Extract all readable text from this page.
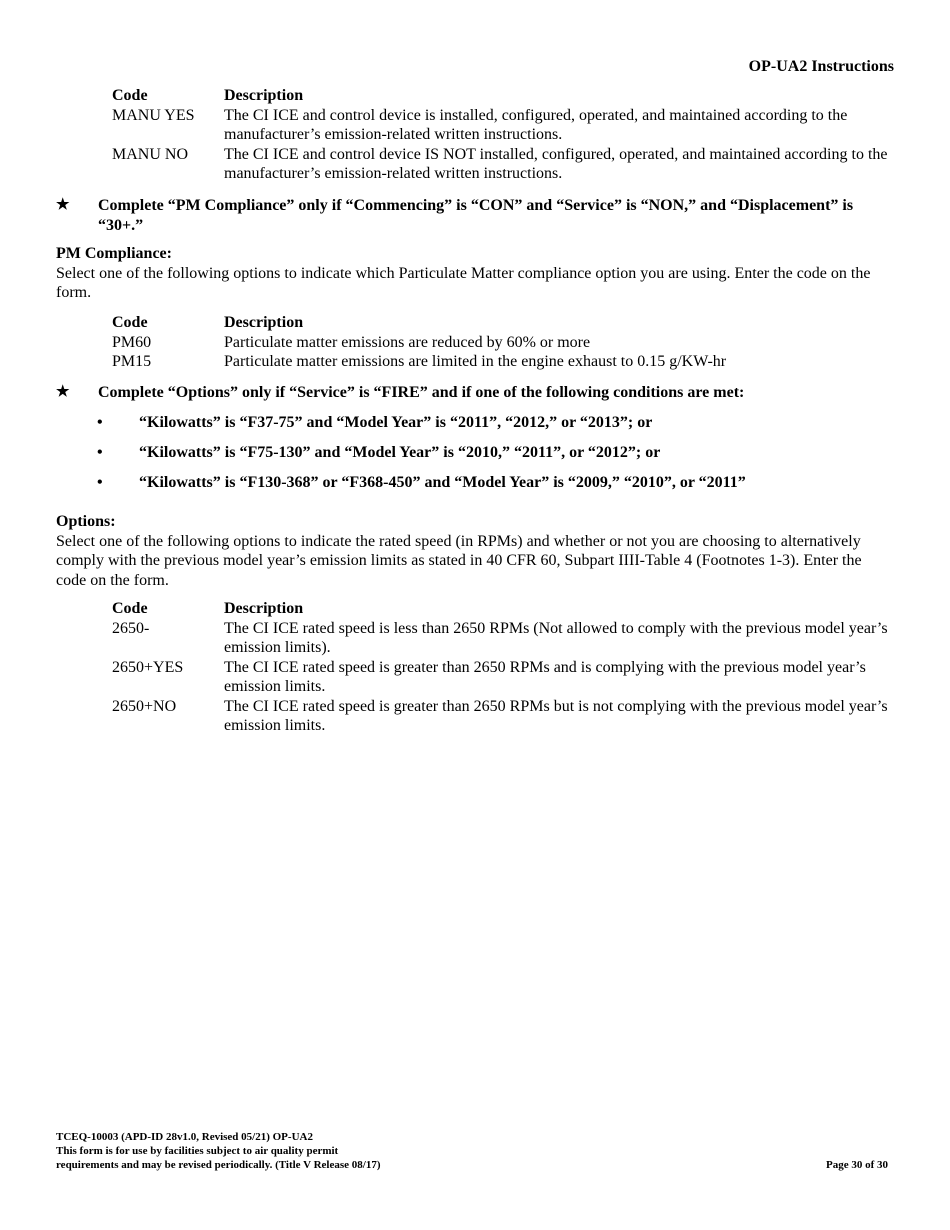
OP-UA2 Instructions
Code	Description
MANU YES	The CI ICE and control device is installed, configured, operated, and maintained according to the manufacturer’s emission-related written instructions.
MANU NO	The CI ICE and control device IS NOT installed, configured, operated, and maintained according to the manufacturer’s emission-related written instructions.
★	Complete “PM Compliance” only if “Commencing” is “CON” and “Service” is “NON,” and “Displacement” is “30+.”
PM Compliance:
Select one of the following options to indicate which Particulate Matter compliance option you are using. Enter the code on the form.
Code	Description
PM60	Particulate matter emissions are reduced by 60% or more
PM15	Particulate matter emissions are limited in the engine exhaust to 0.15 g/KW-hr
★	Complete “Options” only if “Service” is “FIRE” and if one of the following conditions are met:
•	“Kilowatts” is “F37-75” and “Model Year” is “2011”, “2012,” or “2013”; or
•	“Kilowatts” is “F75-130” and “Model Year” is “2010,” “2011”, or “2012”; or
•	“Kilowatts” is “F130-368” or “F368-450” and “Model Year” is “2009,” “2010”, or “2011”
Options:
Select one of the following options to indicate the rated speed (in RPMs) and whether or not you are choosing to alternatively comply with the previous model year’s emission limits as stated in 40 CFR 60, Subpart IIII-Table 4 (Footnotes 1-3). Enter the code on the form.
Code	Description
2650-	The CI ICE rated speed is less than 2650 RPMs (Not allowed to comply with the previous model year’s emission limits).
2650+YES	The CI ICE rated speed is greater than 2650 RPMs and is complying with the previous model year’s emission limits.
2650+NO	The CI ICE rated speed is greater than 2650 RPMs but is not complying with the previous model year’s emission limits.
TCEQ-10003 (APD-ID 28v1.0, Revised 05/21) OP-UA2
This form is for use by facilities subject to air quality permit
requirements and may be revised periodically. (Title V Release 08/17)	Page 30 of 30
